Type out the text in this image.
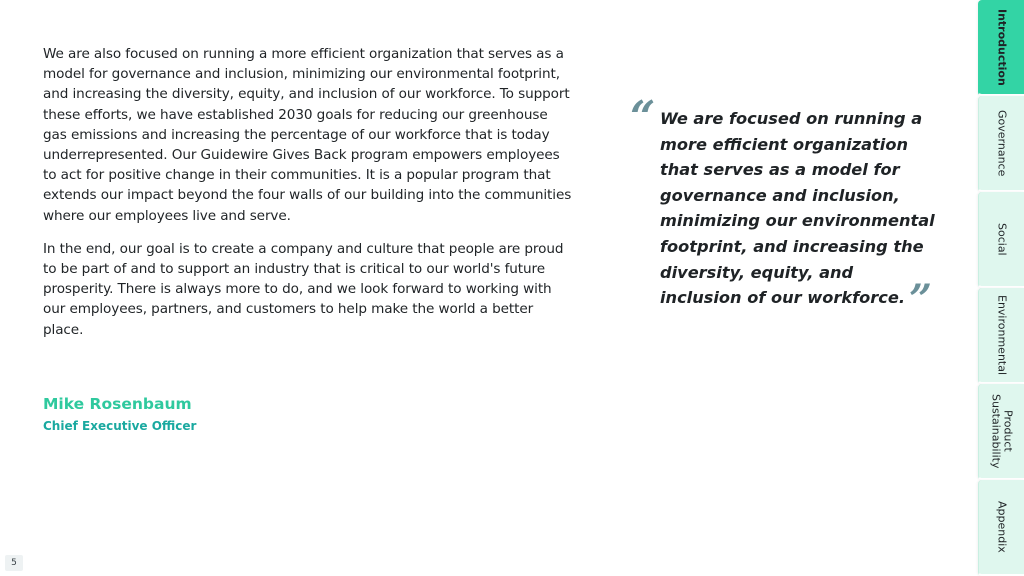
We are also focused on running a more efficient organization that serves as a model for governance and inclusion, minimizing our environmental footprint, and increasing the diversity, equity, and inclusion of our workforce. To support these efforts, we have established 2030 goals for reducing our greenhouse gas emissions and increasing the percentage of our workforce that is today underrepresented. Our Guidewire Gives Back program empowers employees to act for positive change in their communities. It is a popular program that extends our impact beyond the four walls of our building into the communities where our employees live and serve.

In the end, our goal is to create a company and culture that people are proud to be part of and to support an industry that is critical to our world's future prosperity. There is always more to do, and we look forward to working with our employees, partners, and customers to help make the world a better place.

Mike Rosenbaum
Chief Executive Officer
“ We are focused on running a more efficient organization that serves as a model for governance and inclusion, minimizing our environmental footprint, and increasing the diversity, equity, and inclusion of our workforce. ”
5
Introduction
Governance
Social
Environmental
Product
Sustainability
Appendix
